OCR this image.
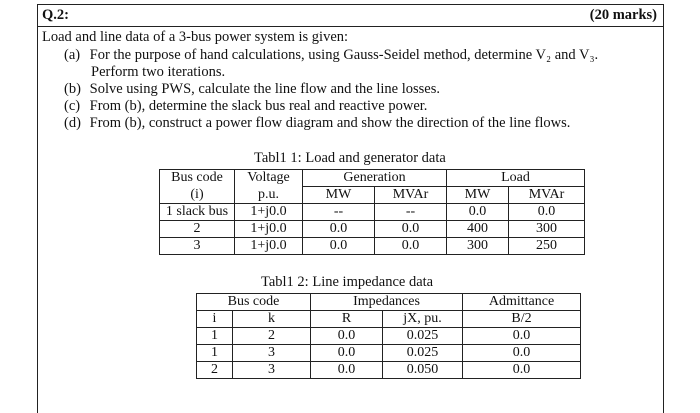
Q.2:	(20 marks)
Load and line data of a 3-bus power system is given:
(a) For the purpose of hand calculations, using Gauss-Seidel method, determine V₂ and V₃.
Perform two iterations.
(b) Solve using PWS, calculate the line flow and the line losses.
(c) From (b), determine the slack bus real and reactive power.
(d) From (b), construct a power flow diagram and show the direction of the line flows.
Tabl1 1: Load and generator data
Bus code	Voltage	Generation		Load	
(i)	p.u.	MW	MVAr	MW	MVAr
1 slack bus	1+j0.0	--	--	0.0	0.0
2	1+j0.0	0.0	0.0	400	300
3	1+j0.0	0.0	0.0	300	250
Tabl1 2: Line impedance data
Bus code		Impedances		Admittance
i	k	R	jX, pu.	B/2
1	2	0.0	0.025	0.0
1	3	0.0	0.025	0.0
2	3	0.0	0.050	0.0
